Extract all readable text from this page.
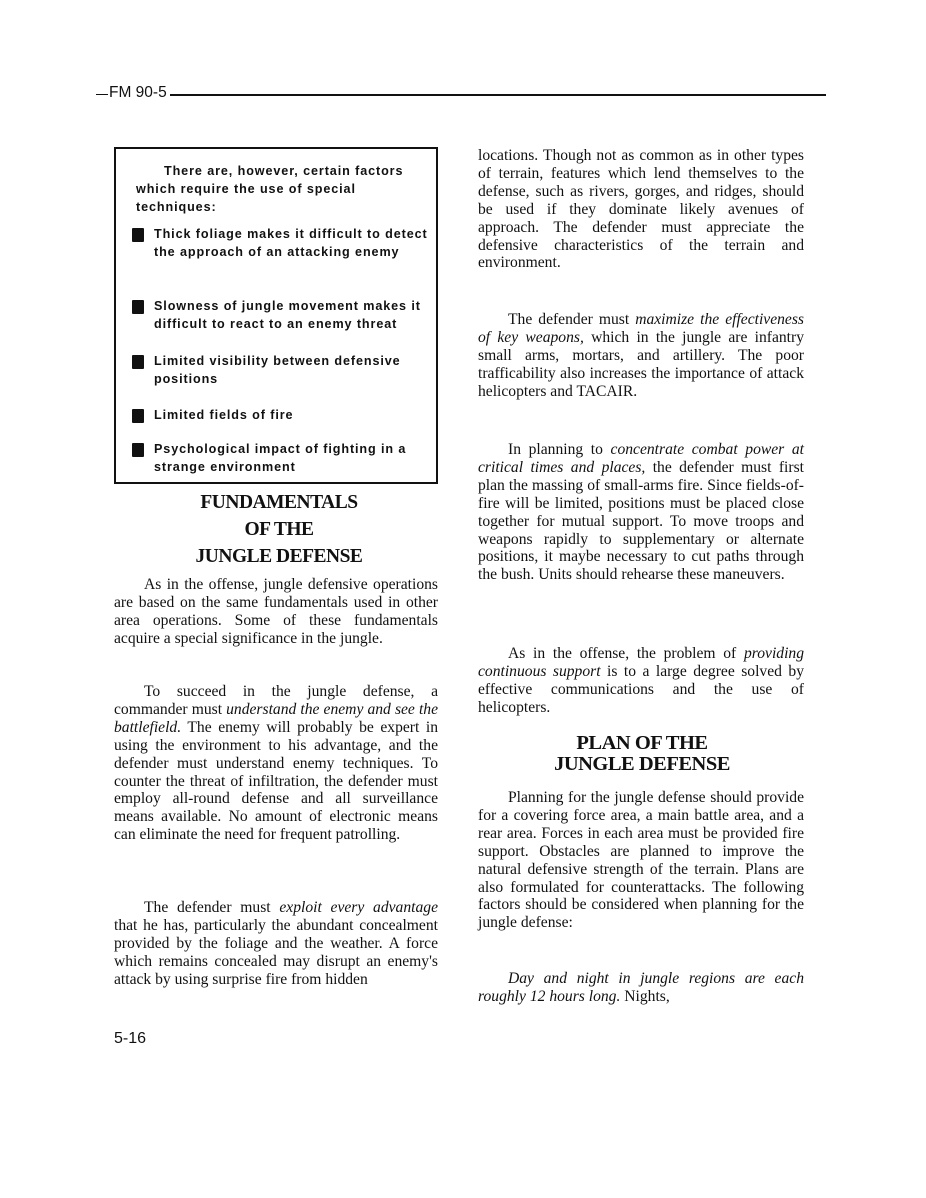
FM 90-5
There are, however, certain factors which require the use of special techniques:
Thick foliage makes it difficult to detect the approach of an attacking enemy
Slowness of jungle movement makes it difficult to react to an enemy threat
Limited visibility between defensive positions
Limited fields of fire
Psychological impact of fighting in a strange environment
FUNDAMENTALS
OF THE
JUNGLE DEFENSE
As in the offense, jungle defensive operations are based on the same fundamentals used in other area operations. Some of these fundamentals acquire a special significance in the jungle.
To succeed in the jungle defense, a commander must understand the enemy and see the battlefield. The enemy will probably be expert in using the environment to his advantage, and the defender must understand enemy techniques. To counter the threat of infiltration, the defender must employ all-round defense and all surveillance means available. No amount of electronic means can eliminate the need for frequent patrolling.
The defender must exploit every advantage that he has, particularly the abundant concealment provided by the foliage and the weather. A force which remains concealed may disrupt an enemy's attack by using surprise fire from hidden
locations. Though not as common as in other types of terrain, features which lend themselves to the defense, such as rivers, gorges, and ridges, should be used if they dominate likely avenues of approach. The defender must appreciate the defensive characteristics of the terrain and environment.
The defender must maximize the effectiveness of key weapons, which in the jungle are infantry small arms, mortars, and artillery. The poor trafficability also increases the importance of attack helicopters and TACAIR.
In planning to concentrate combat power at critical times and places, the defender must first plan the massing of small-arms fire. Since fields-of-fire will be limited, positions must be placed close together for mutual support. To move troops and weapons rapidly to supplementary or alternate positions, it maybe necessary to cut paths through the bush. Units should rehearse these maneuvers.
As in the offense, the problem of providing continuous support is to a large degree solved by effective communications and the use of helicopters.
PLAN OF THE
JUNGLE DEFENSE
Planning for the jungle defense should provide for a covering force area, a main battle area, and a rear area. Forces in each area must be provided fire support. Obstacles are planned to improve the natural defensive strength of the terrain. Plans are also formulated for counterattacks. The following factors should be considered when planning for the jungle defense:
Day and night in jungle regions are each roughly 12 hours long. Nights,
5-16
